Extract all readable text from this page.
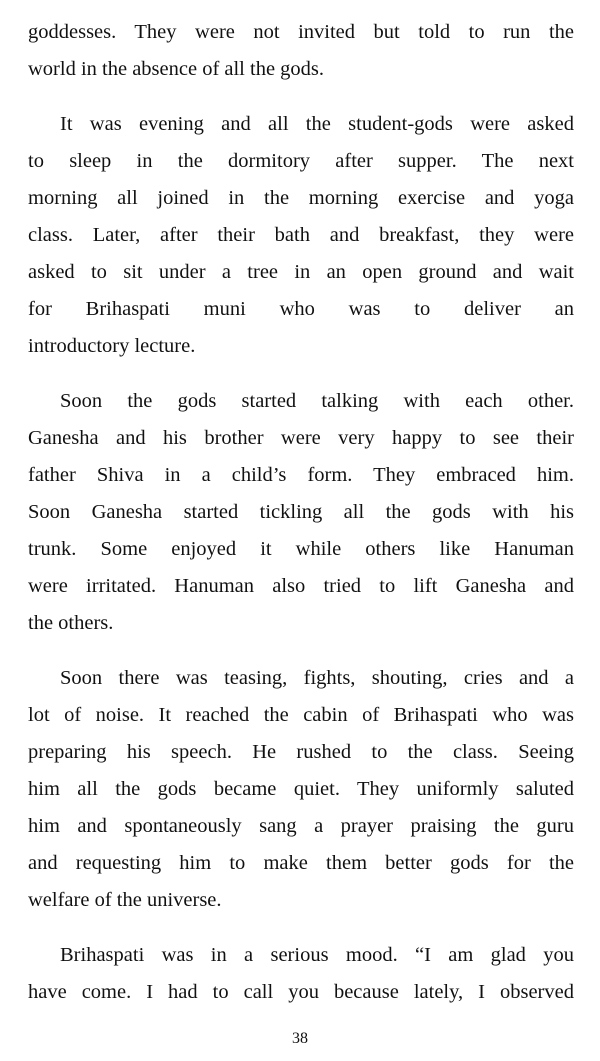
goddesses. They were not invited but told to run the
world in the absence of all the gods.
It was evening and all the student-gods were asked
to sleep in the dormitory after supper. The next
morning all joined in the morning exercise and yoga
class. Later, after their bath and breakfast, they were
asked to sit under a tree in an open ground and wait
for Brihaspati muni who was to deliver an
introductory lecture.
Soon the gods started talking with each other.
Ganesha and his brother were very happy to see their
father Shiva in a child’s form. They embraced him.
Soon Ganesha started tickling all the gods with his
trunk. Some enjoyed it while others like Hanuman
were irritated. Hanuman also tried to lift Ganesha and
the others.
Soon there was teasing, fights, shouting, cries and a
lot of noise. It reached the cabin of Brihaspati who was
preparing his speech. He rushed to the class. Seeing
him all the gods became quiet. They uniformly saluted
him and spontaneously sang a prayer praising the guru
and requesting him to make them better gods for the
welfare of the universe.
Brihaspati was in a serious mood. “I am glad you
have come. I had to call you because lately, I observed
38
